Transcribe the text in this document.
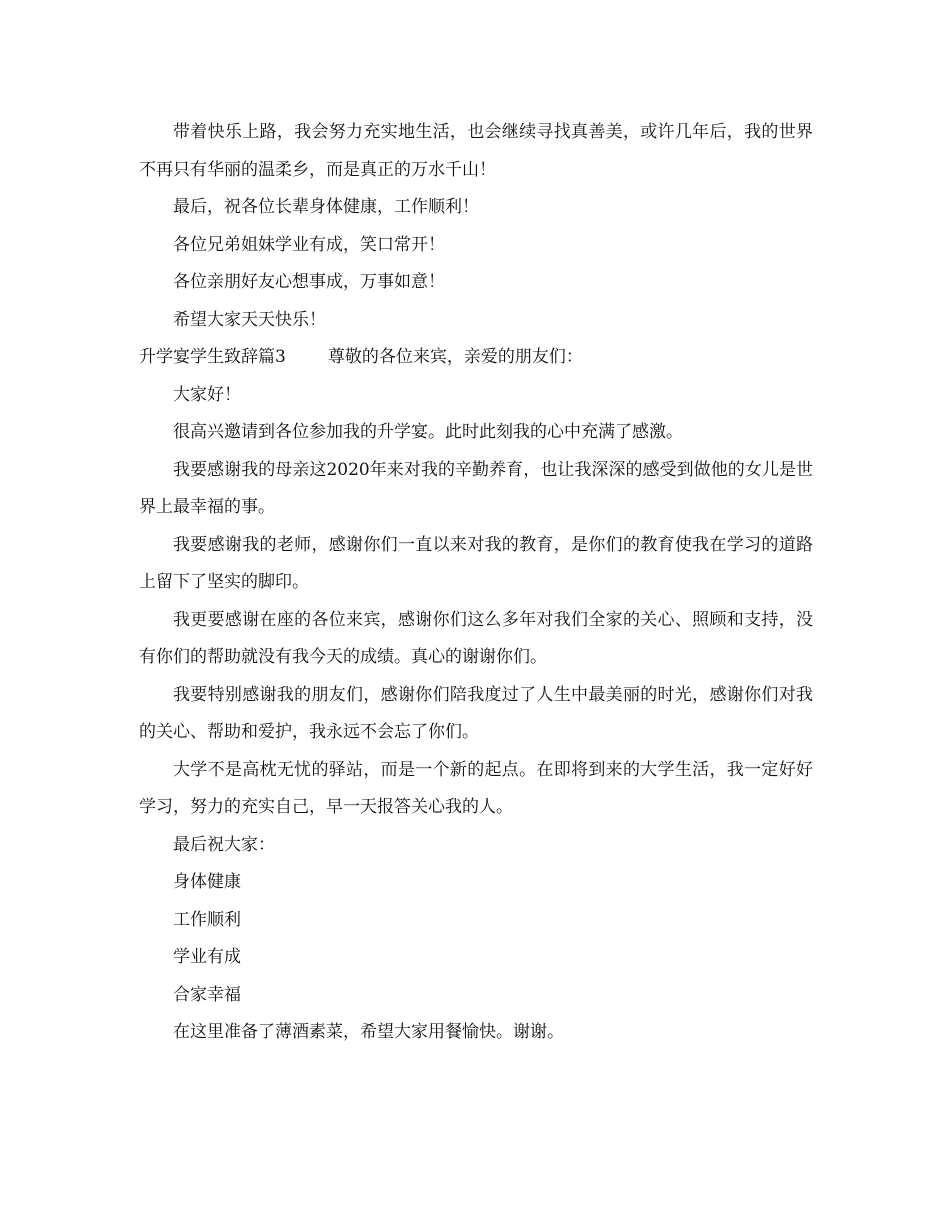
带着快乐上路，我会努力充实地生活，也会继续寻找真善美，或许几年后，我的世界不再只有华丽的温柔乡，而是真正的万水千山！

最后，祝各位长辈身体健康，工作顺利！

各位兄弟姐妹学业有成，笑口常开！

各位亲朋好友心想事成，万事如意！

希望大家天天快乐！

升学宴学生致辞篇3 尊敬的各位来宾，亲爱的朋友们：

大家好！

很高兴邀请到各位参加我的升学宴。此时此刻我的心中充满了感激。

我要感谢我的母亲这2020年来对我的辛勤养育，也让我深深的感受到做他的女儿是世界上最幸福的事。

我要感谢我的老师，感谢你们一直以来对我的教育，是你们的教育使我在学习的道路上留下了坚实的脚印。

我更要感谢在座的各位来宾，感谢你们这么多年对我们全家的关心、照顾和支持，没有你们的帮助就没有我今天的成绩。真心的谢谢你们。

我要特别感谢我的朋友们，感谢你们陪我度过了人生中最美丽的时光，感谢你们对我的关心、帮助和爱护，我永远不会忘了你们。

大学不是高枕无忧的驿站，而是一个新的起点。在即将到来的大学生活，我一定好好学习，努力的充实自己，早一天报答关心我的人。

最后祝大家：

身体健康

工作顺利

学业有成

合家幸福

在这里准备了薄酒素菜，希望大家用餐愉快。谢谢。
